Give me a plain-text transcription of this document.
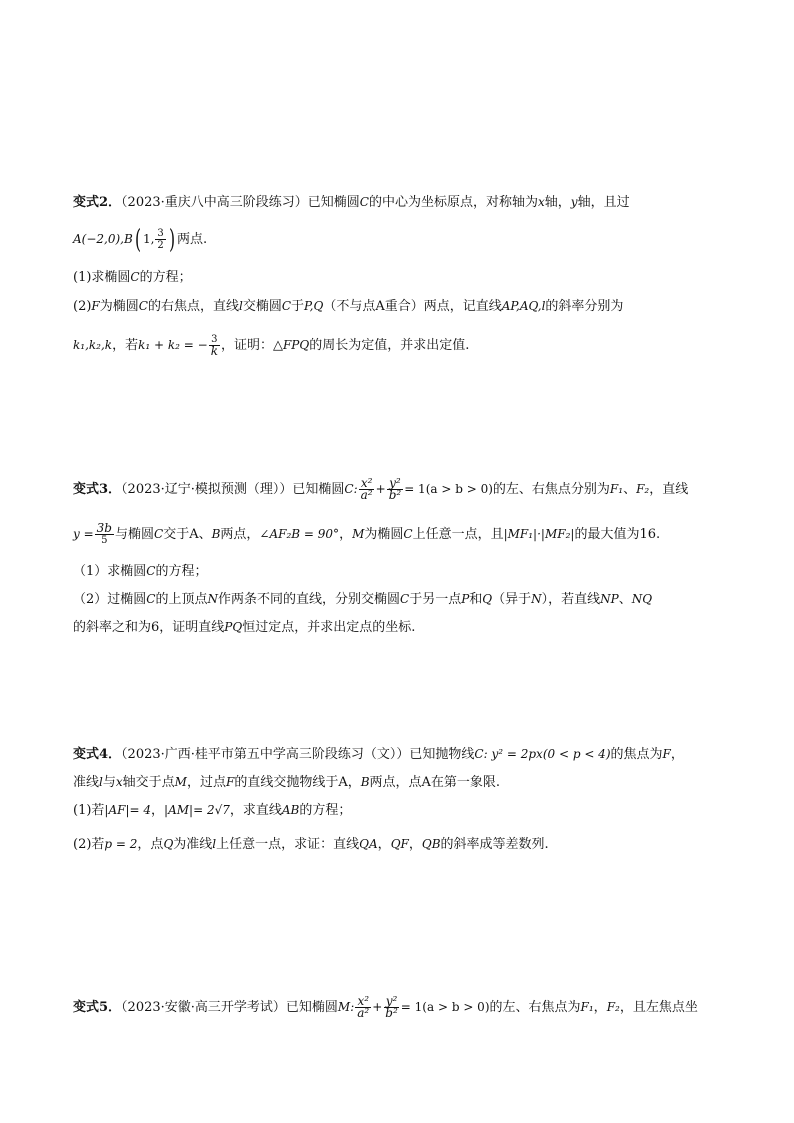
变式2．（2023·重庆八中高三阶段练习）已知椭圆C的中心为坐标原点，对称轴为x轴，y轴，且过
A(−2,0),B( 1, $\frac{3}{2}$ ) 两点.
(1)求椭圆C的方程；
(2)F为椭圆C的右焦点，直线l交椭圆C于P,Q（不与点A重合）两点，记直线AP,AQ,l的斜率分别为
k₁,k₂,k，若k₁ + k₂ = − $\frac{3}{k}$ ，证明：△FPQ的周长为定值，并求出定值.
变式3．（2023·辽宁·模拟预测（理））已知椭圆C: $\frac{\text{x²}}{\text{a²}} + \frac{\text{y²}}{\text{b²}} = 1(a > b > 0)$的左、右焦点分别为F₁、F₂，直线
$y = \frac{3b}{5}$ 与椭圆C交于A、B两点，∠AF₂B = 90°，M为椭圆C上任意一点，且|MF₁|·|MF₂|的最大值为16.
（1）求椭圆C的方程；
（2）过椭圆C的上顶点N作两条不同的直线，分别交椭圆C于另一点P和Q（异于N），若直线NP、NQ
的斜率之和为6，证明直线PQ恒过定点，并求出定点的坐标.
变式4．（2023·广西·桂平市第五中学高三阶段练习（文））已知抛物线C: y² = 2px(0 < p < 4)的焦点为F，
准线l与x轴交于点M，过点F的直线交抛物线于A，B两点，点A在第一象限.
(1)若|AF|= 4，|AM|= 2√7，求直线AB的方程；
(2)若p = 2，点Q为准线l上任意一点，求证：直线QA，QF，QB的斜率成等差数列.
变式5．（2023·安徽·高三开学考试）已知椭圆M: $\frac{\text{x²}}{\text{a²}} + \frac{\text{y²}}{\text{b²}} = 1(a > b > 0)$的左、右焦点为F₁，F₂，且左焦点坐
